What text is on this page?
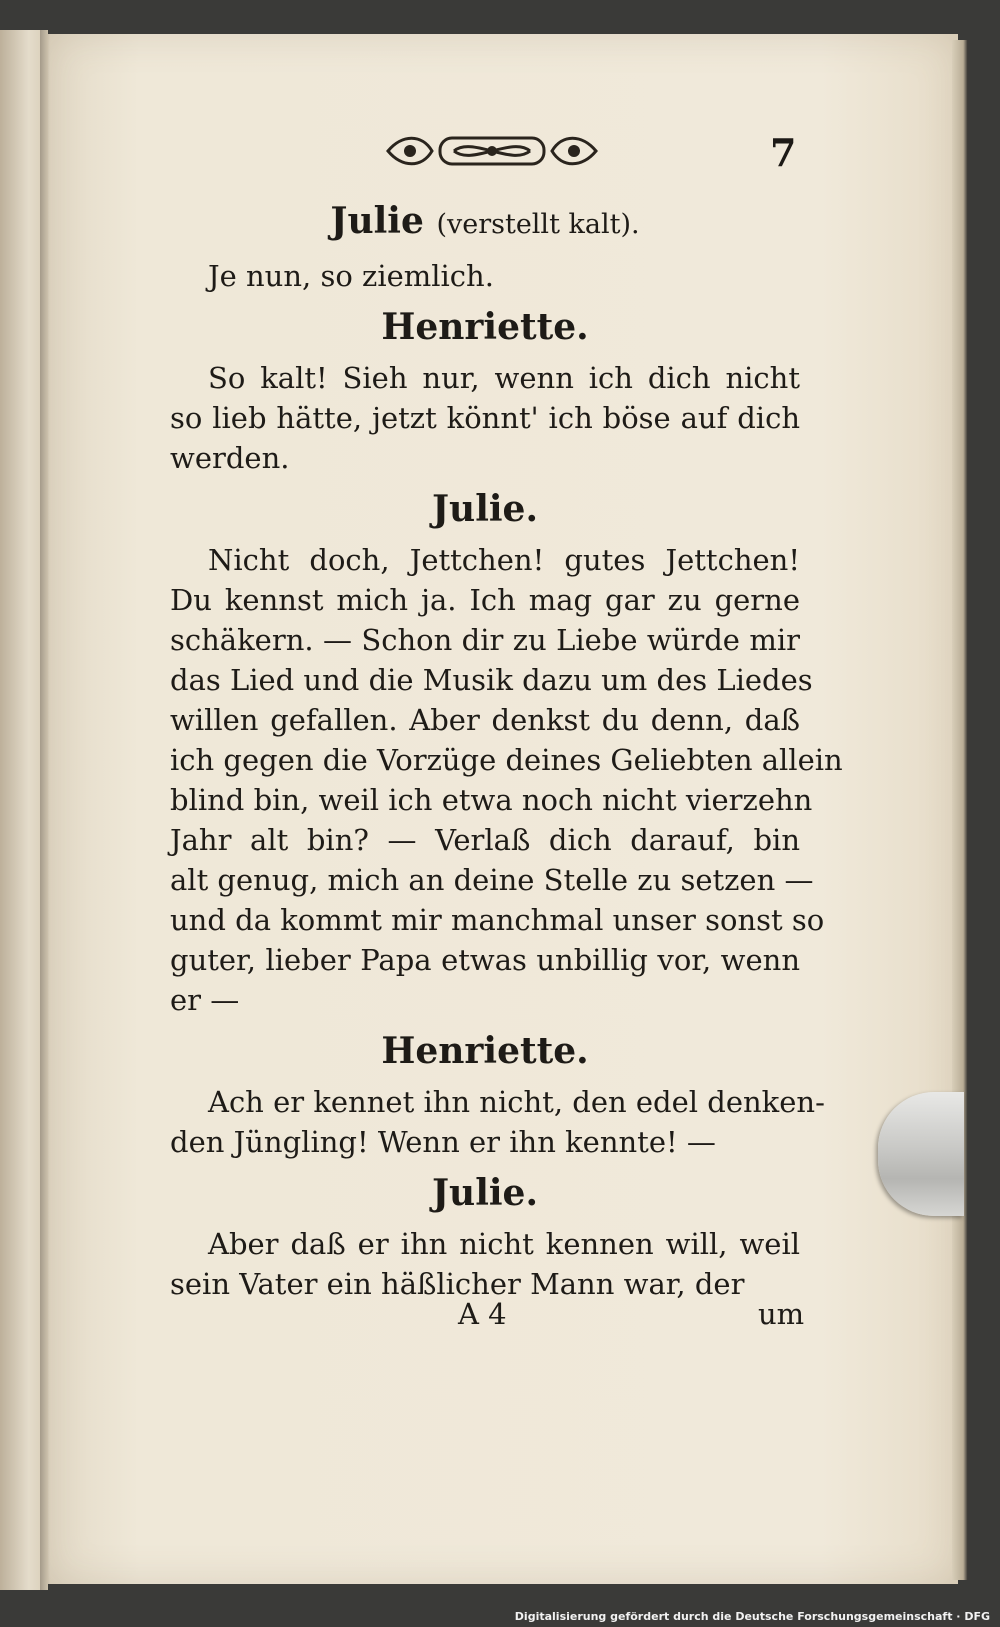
7

Julie (verstellt kalt).

Je nun, so ziemlich.

Henriette.

So kalt! Sieh nur, wenn ich dich nicht

so lieb hätte, jetzt könnt' ich böse auf dich

werden.

Julie.

Nicht doch, Jettchen! gutes Jettchen!

Du kennst mich ja. Ich mag gar zu gerne

schäkern. — Schon dir zu Liebe würde mir

das Lied und die Musik dazu um des Liedes

willen gefallen. Aber denkst du denn, daß

ich gegen die Vorzüge deines Geliebten allein

blind bin, weil ich etwa noch nicht vierzehn

Jahr alt bin? — Verlaß dich darauf, bin

alt genug, mich an deine Stelle zu setzen —

und da kommt mir manchmal unser sonst so

guter, lieber Papa etwas unbillig vor, wenn

er —

Henriette.

Ach er kennet ihn nicht, den edel denken-

den Jüngling! Wenn er ihn kennte! —

Julie.

Aber daß er ihn nicht kennen will, weil

sein Vater ein häßlicher Mann war, der

A 4	um
Digitalisierung gefördert durch die Deutsche Forschungsgemeinschaft · DFG
